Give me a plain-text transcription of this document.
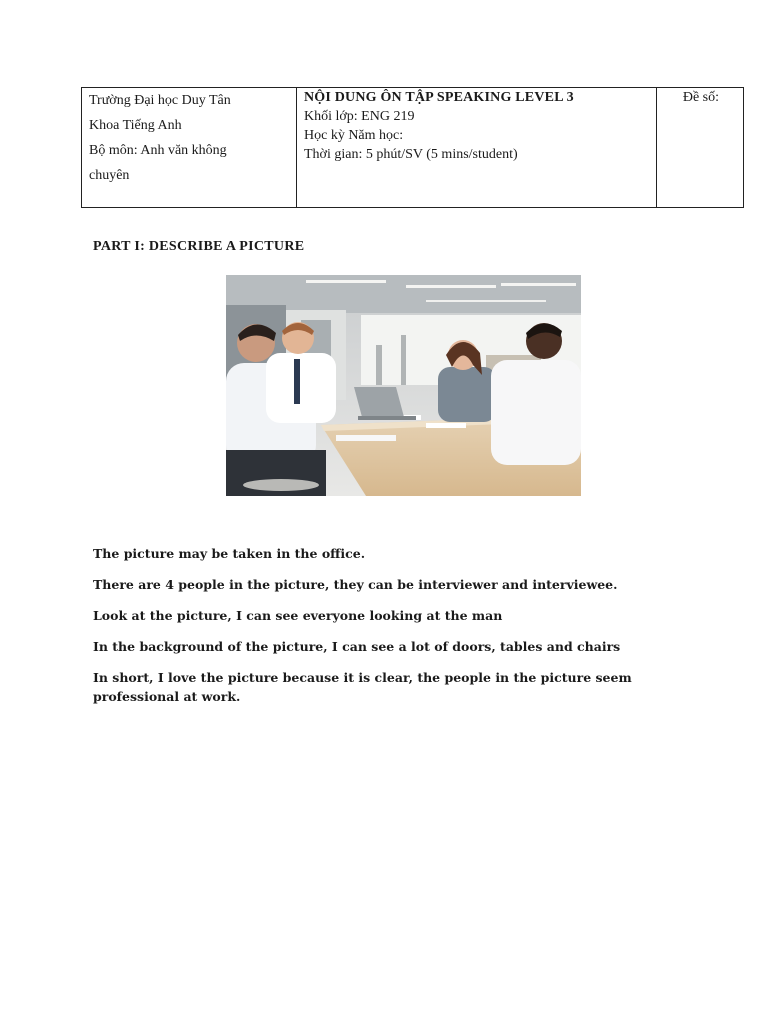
Trường Đại học Duy Tân
Khoa Tiếng Anh
Bộ môn: Anh văn không
chuyên

NỘI DUNG ÔN TẬP SPEAKING LEVEL 3
Khối lớp: ENG 219
Học kỳ Năm học:
Thời gian: 5 phút/SV (5 mins/student)

Đề số:
PART I: DESCRIBE A PICTURE

The picture may be taken in the office.

There are 4 people in the picture, they can be interviewer and interviewee.

Look at the picture, I can see everyone looking at the man

In the background of the picture, I can see a lot of doors, tables and chairs

In short, I love the picture because it is clear, the people in the picture seem professional at work.
